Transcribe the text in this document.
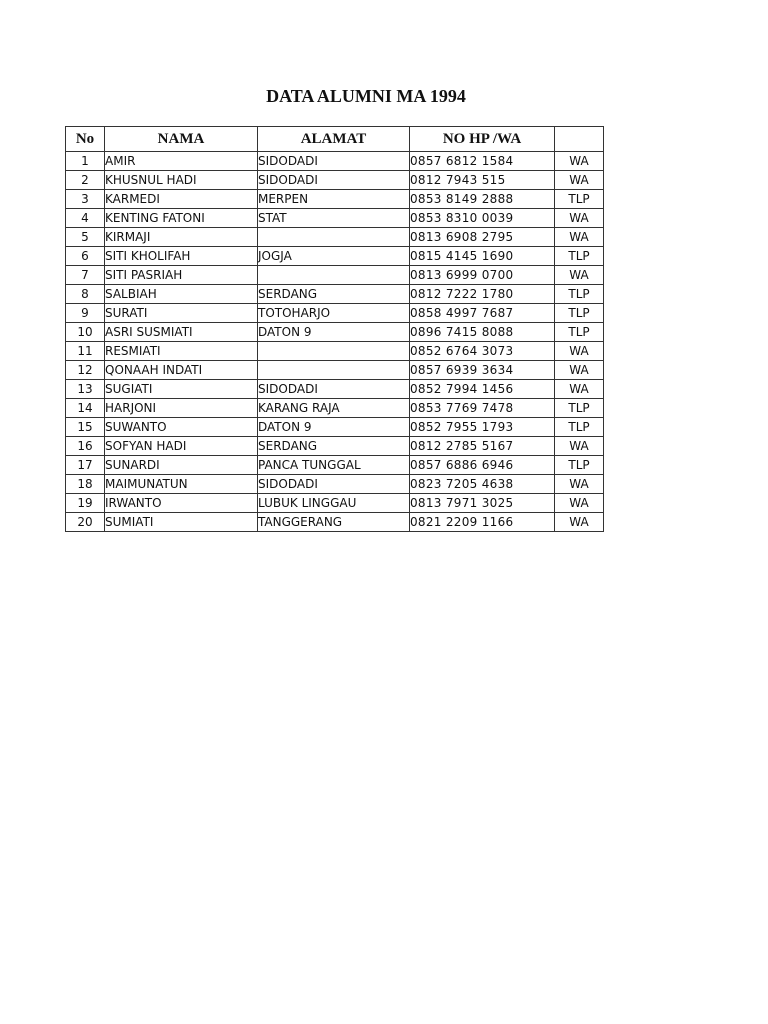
DATA ALUMNI MA 1994
No	NAMA	ALAMAT	NO HP /WA	
1	AMIR	SIDODADI	0857 6812 1584	WA
2	KHUSNUL HADI	SIDODADI	0812 7943 515	WA
3	KARMEDI	MERPEN	0853 8149 2888	TLP
4	KENTING FATONI	STAT	0853 8310 0039	WA
5	KIRMAJI		0813 6908 2795	WA
6	SITI KHOLIFAH	JOGJA	0815 4145 1690	TLP
7	SITI PASRIAH		0813 6999 0700	WA
8	SALBIAH	SERDANG	0812 7222 1780	TLP
9	SURATI	TOTOHARJO	0858 4997 7687	TLP
10	ASRI SUSMIATI	DATON 9	0896 7415 8088	TLP
11	RESMIATI		0852 6764 3073	WA
12	QONAAH INDATI		0857 6939 3634	WA
13	SUGIATI	SIDODADI	0852 7994 1456	WA
14	HARJONI	KARANG RAJA	0853 7769 7478	TLP
15	SUWANTO	DATON 9	0852 7955 1793	TLP
16	SOFYAN HADI	SERDANG	0812 2785 5167	WA
17	SUNARDI	PANCA TUNGGAL	0857 6886 6946	TLP
18	MAIMUNATUN	SIDODADI	0823 7205 4638	WA
19	IRWANTO	LUBUK LINGGAU	0813 7971 3025	WA
20	SUMIATI	TANGGERANG	0821 2209 1166	WA
